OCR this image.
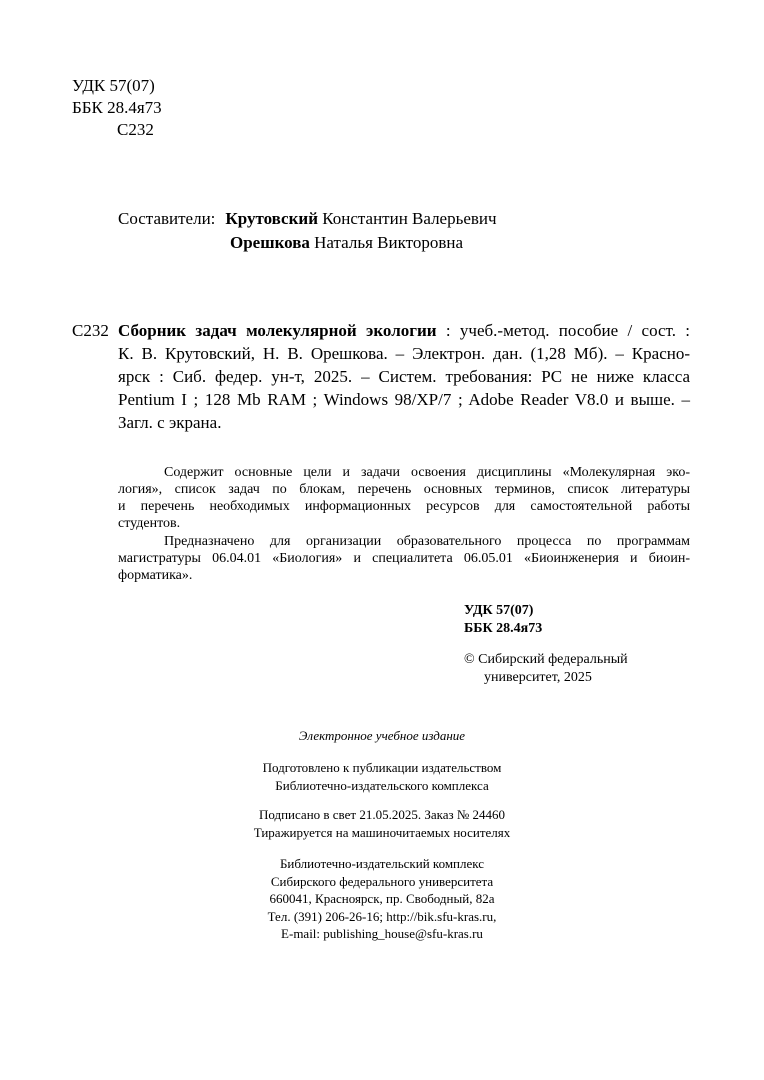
УДК 57(07)
ББК 28.4я73
С232
Составители: Крутовский Константин Валерьевич
Орешкова Наталья Викторовна
С232 Сборник задач молекулярной экологии : учеб.-метод. пособие / сост. :
К. В. Крутовский, Н. В. Орешкова. – Электрон. дан. (1,28 Мб). – Красно-
ярск : Сиб. федер. ун-т, 2025. – Систем. требования: PC не ниже класса
Pentium I ; 128 Mb RAM ; Windows 98/XP/7 ; Adobe Reader V8.0 и выше. –
Загл. с экрана.
Содержит основные цели и задачи освоения дисциплины «Молекулярная эко-
логия», список задач по блокам, перечень основных терминов, список литературы
и перечень необходимых информационных ресурсов для самостоятельной работы
студентов.
Предназначено для организации образовательного процесса по программам
магистратуры 06.04.01 «Биология» и специалитета 06.05.01 «Биоинженерия и биоин-
форматика».
УДК 57(07)
ББК 28.4я73
© Сибирский федеральный
университет, 2025
Электронное учебное издание
Подготовлено к публикации издательством
Библиотечно-издательского комплекса
Подписано в свет 21.05.2025. Заказ № 24460
Тиражируется на машиночитаемых носителях
Библиотечно-издательский комплекс
Сибирского федерального университета
660041, Красноярск, пр. Свободный, 82а
Тел. (391) 206-26-16; http://bik.sfu-kras.ru,
E-mail: publishing_house@sfu-kras.ru
